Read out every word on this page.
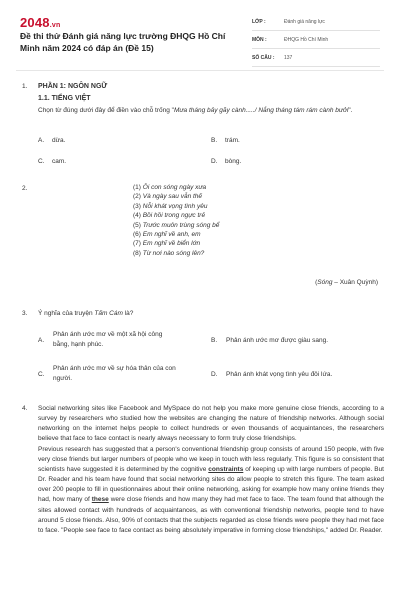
2048.vn
Đề thi thử Đánh giá năng lực trường ĐHQG Hồ Chí Minh năm 2024 có đáp án (Đề 15)
LỚP :	Đánh giá năng lực
MÔN :	ĐHQG Hồ Chí Minh
SỐ CÂU : 137
1. PHẦN 1: NGÔN NGỮ
1.1. TIẾNG VIỆT
Chọn từ đúng dưới đây để điền vào chỗ trống "Mưa tháng bảy gãy cành...../ Nắng tháng tám rám cành bưởi".
A. dừa.	B. trám.
C. cam.	D. bòng.
2.	(1) Ôi con sóng ngày xưa
(2) Và ngày sau vẫn thế
(3) Nỗi khát vọng tình yêu
(4) Bồi hồi trong ngực trẻ
(5) Trước muôn trùng sóng bể
(6) Em nghĩ về anh, em
(7) Em nghĩ về biển lớn
(8) Từ nơi nào sóng lên?
(Sóng – Xuân Quỳnh)
3. Ý nghĩa của truyện Tấm Cám là?
A.
Phản ánh ước mơ về một xã hội công bằng, hạnh phúc.
B.	Phản ánh ước mơ được giàu sang.
C.
Phản ánh ước mơ về sự hóa thân của con người.
D.	Phản ánh khát vọng tình yêu đôi lứa.
4. Social networking sites like Facebook and MySpace do not help you make more genuine close friends, according to a survey by researchers who studied how the websites are changing the nature of friendship networks. Although social networking on the internet helps people to collect hundreds or even thousands of acquaintances, the researchers believe that face to face contact is nearly always necessary to form truly close friendships.
Previous research has suggested that a person's conventional friendship group consists of around 150 people, with five very close friends but larger numbers of people who we keep in touch with less regularly. This figure is so consistent that scientists have suggested it is determined by the cognitive constraints of keeping up with large numbers of people. But Dr. Reader and his team have found that social networking sites do allow people to stretch this figure. The team asked over 200 people to fill in questionnaires about their online networking, asking for example how many online friends they had, how many of these were close friends and how many they had met face to face. The team found that although the sites allowed contact with hundreds of acquaintances, as with conventional friendship networks, people tend to have around 5 close friends. Also, 90% of contacts that the subjects regarded as close friends were people they had met face to face. "People see face to face contact as being absolutely imperative in forming close friendships," added Dr. Reader.
